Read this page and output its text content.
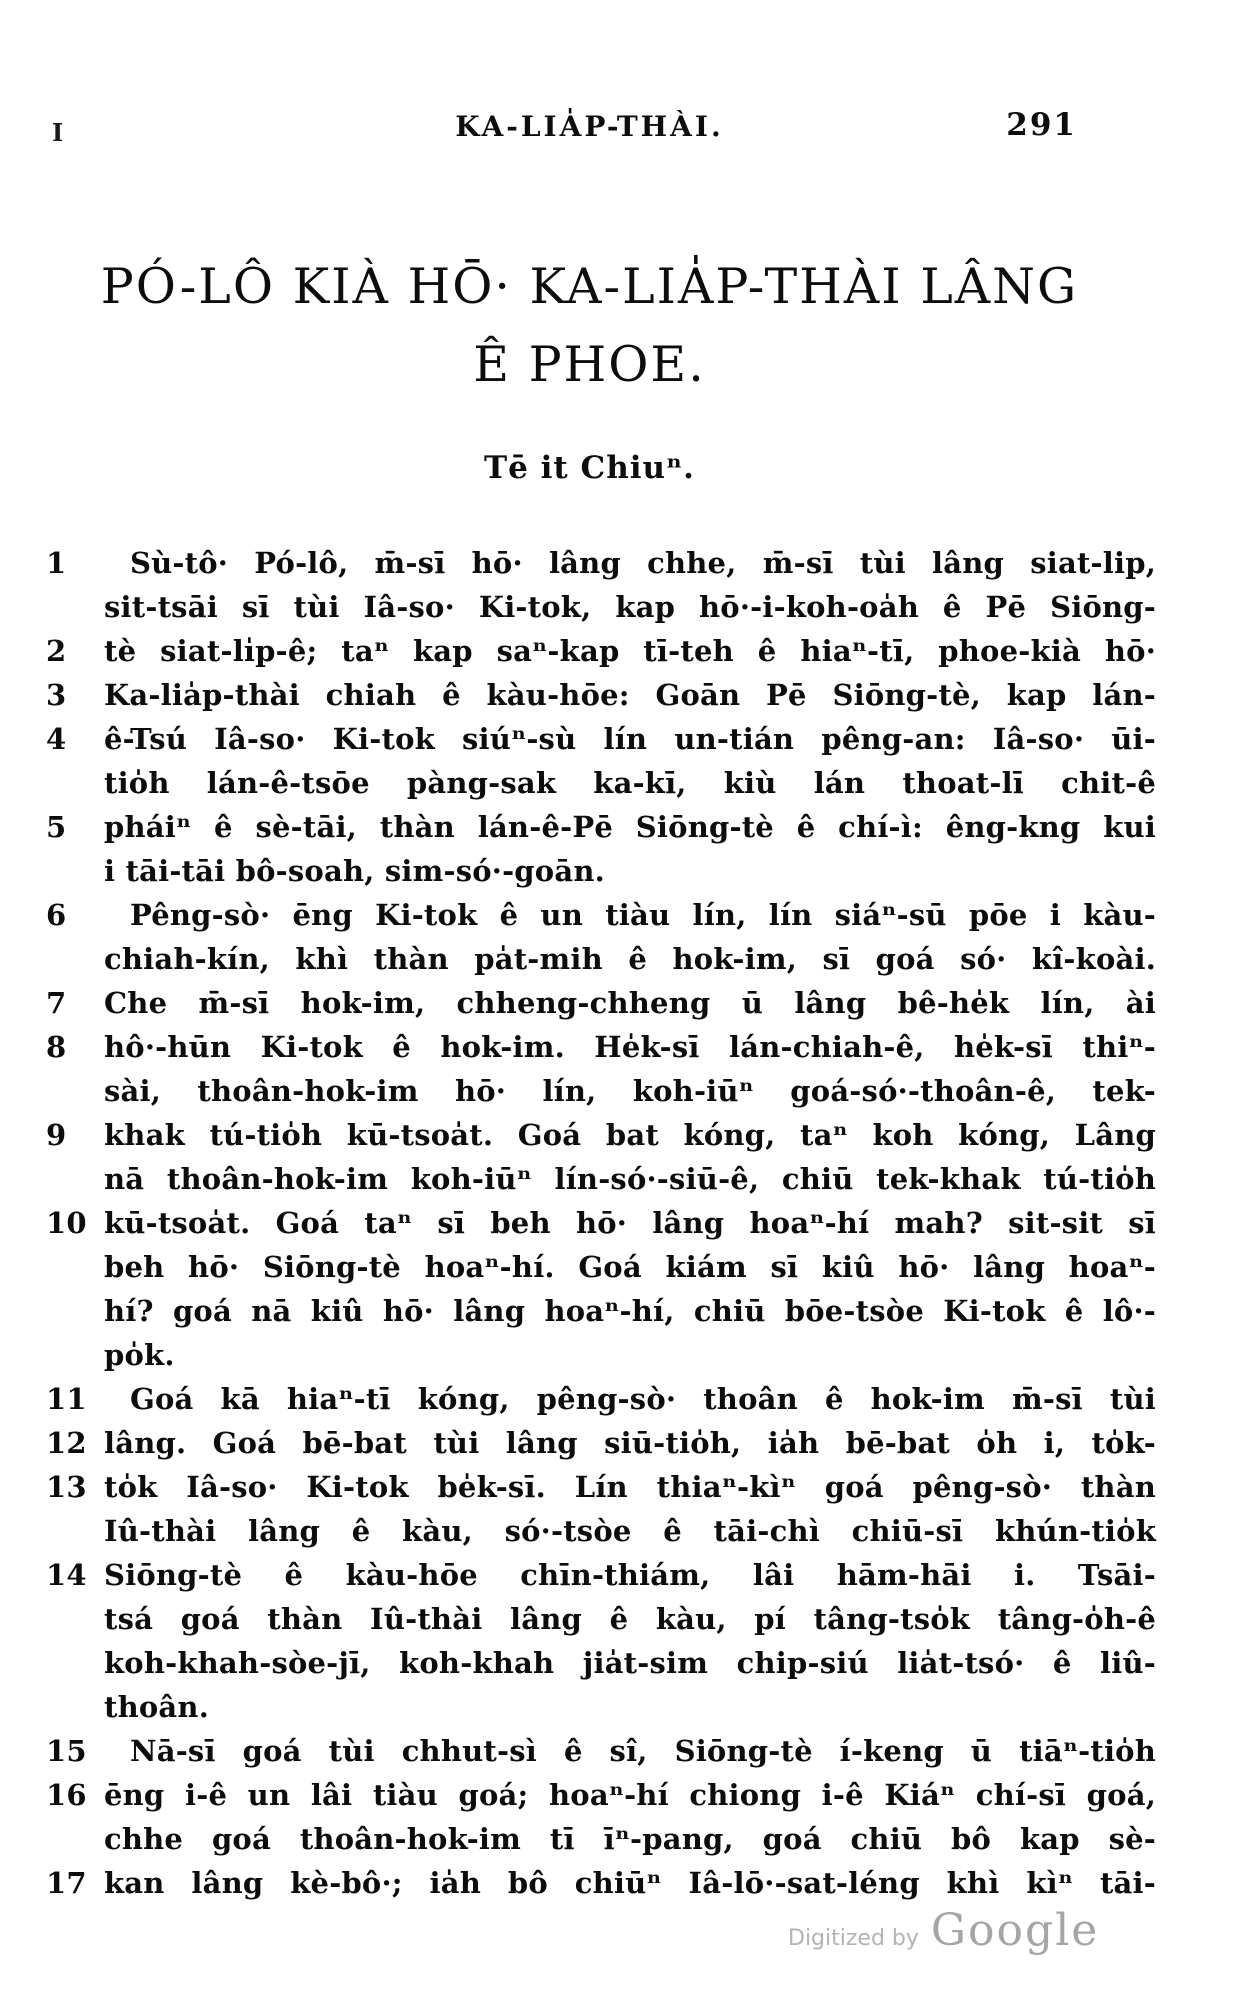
I	KA-LIA̍P-THÀI.	291
PÓ-LÔ KIÀ HŌ· KA-LIA̍P-THÀI LÂNG
Ê PHOE.
Tē it Chiuⁿ.
1 Sù-tô· Pó-lô, m̄-sī hō· lâng chhe, m̄-sī tùi lâng siat-lip,
sit-tsāi sī tùi Iâ-so· Ki-tok, kap hō·-i-koh-oa̍h ê Pē Siōng-
2 tè siat-li̍p-ê; taⁿ kap saⁿ-kap tī-teh ê hiaⁿ-tī, phoe-kià hō·
3 Ka-lia̍p-thài chiah ê kàu-hōe: Goān Pē Siōng-tè, kap lán-
4 ê-Tsú Iâ-so· Ki-tok siúⁿ-sù lín un-tián pêng-an: Iâ-so· ūi-
tio̍h lán-ê-tsōe pàng-sak ka-kī, kiù lán thoat-lī chit-ê
5 pháiⁿ ê sè-tāi, thàn lán-ê-Pē Siōng-tè ê chí-ì: êng-kng kui
i tāi-tāi bô-soah, sim-só·-goān.
6 Pêng-sò· ēng Ki-tok ê un tiàu lín, lín siáⁿ-sū pōe i kàu-
chiah-kín, khì thàn pa̍t-mih ê hok-im, sī goá só· kî-koài.
7 Che m̄-sī hok-im, chheng-chheng ū lâng bê-he̍k lín, ài
8 hô·-hūn Ki-tok ê hok-im. He̍k-sī lán-chiah-ê, he̍k-sī thiⁿ-
sài, thoân-hok-im hō· lín, koh-iūⁿ goá-só·-thoân-ê, tek-
9 khak tú-tio̍h kū-tsoa̍t. Goá bat kóng, taⁿ koh kóng, Lâng
nā thoân-hok-im koh-iūⁿ lín-só·-siū-ê, chiū tek-khak tú-tio̍h
10 kū-tsoa̍t. Goá taⁿ sī beh hō· lâng hoaⁿ-hí mah? sit-sit sī
beh hō· Siōng-tè hoaⁿ-hí. Goá kiám sī kiû hō· lâng hoaⁿ-
hí? goá nā kiû hō· lâng hoaⁿ-hí, chiū bōe-tsòe Ki-tok ê lô·-
po̍k.
11 Goá kā hiaⁿ-tī kóng, pêng-sò· thoân ê hok-im m̄-sī tùi
12 lâng. Goá bē-bat tùi lâng siū-tio̍h, ia̍h bē-bat o̍h i, to̍k-
13 to̍k Iâ-so· Ki-tok be̍k-sī. Lín thiaⁿ-kìⁿ goá pêng-sò· thàn
Iû-thài lâng ê kàu, só·-tsòe ê tāi-chì chiū-sī khún-tio̍k
14 Siōng-tè ê kàu-hōe chīn-thiám, lâi hām-hāi i. Tsāi-
tsá goá thàn Iû-thài lâng ê kàu, pí tâng-tso̍k tâng-o̍h-ê
koh-khah-sòe-jī, koh-khah jia̍t-sim chip-siú lia̍t-tsó· ê liû-
thoân.
15 Nā-sī goá tùi chhut-sì ê sî, Siōng-tè í-keng ū tiāⁿ-tio̍h
16 ēng i-ê un lâi tiàu goá; hoaⁿ-hí chiong i-ê Kiáⁿ chí-sī goá,
chhe goá thoân-hok-im tī īⁿ-pang, goá chiū bô kap sè-
17 kan lâng kè-bô·; ia̍h bô chiūⁿ Iâ-lō·-sat-léng khì kìⁿ tāi-
Digitized by Google
